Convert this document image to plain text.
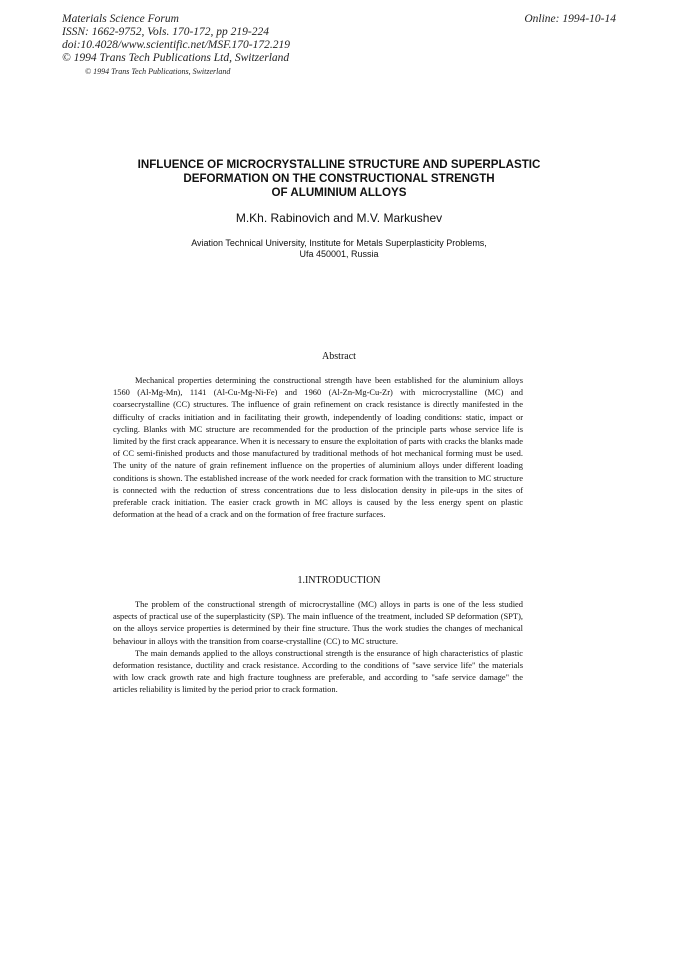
Materials Science Forum
ISSN: 1662-9752, Vols. 170-172, pp 219-224
doi:10.4028/www.scientific.net/MSF.170-172.219
© 1994 Trans Tech Publications Ltd, Switzerland
Online: 1994-10-14
© 1994 Trans Tech Publications, Switzerland
INFLUENCE OF MICROCRYSTALLINE STRUCTURE AND SUPERPLASTIC
DEFORMATION ON THE CONSTRUCTIONAL STRENGTH
OF ALUMINIUM ALLOYS
M.Kh. Rabinovich and M.V. Markushev
Aviation Technical University, Institute for Metals Superplasticity Problems,
Ufa 450001, Russia
Abstract

Mechanical properties determining the constructional strength have been established for the aluminium alloys 1560 (Al-Mg-Mn), 1141 (Al-Cu-Mg-Ni-Fe) and 1960 (Al-Zn-Mg-Cu-Zr) with microcrystalline (MC) and coarsecrystalline (CC) structures. The influence of grain refinement on crack resistance is directly manifested in the difficulty of cracks initiation and in facilitating their growth, independently of loading conditions: static, impact or cycling. Blanks with MC structure are recommended for the production of the principle parts whose service life is limited by the first crack appearance. When it is necessary to ensure the exploitation of parts with cracks the blanks made of CC semi-finished products and those manufactured by traditional methods of hot mechanical forming must be used. The unity of the nature of grain refinement influence on the properties of aluminium alloys under different loading conditions is shown. The established increase of the work needed for crack formation with the transition to MC structure is connected with the reduction of stress concentrations due to less dislocation density in pile-ups in the sites of preferable crack initiation. The easier crack growth in MC alloys is caused by the less energy spent on plastic deformation at the head of a crack and on the formation of free fracture surfaces.

1.INTRODUCTION

The problem of the constructional strength of microcrystalline (MC) alloys in parts is one of the less studied aspects of practical use of the superplasticity (SP). The main influence of the treatment, included SP deformation (SPT), on the alloys service properties is determined by their fine structure. Thus the work studies the changes of mechanical behaviour in alloys with the transition from coarse-crystalline (CC) to MC structure.

The main demands applied to the alloys constructional strength is the ensurance of high characteristics of plastic deformation resistance, ductility and crack resistance. According to the conditions of "save service life" the materials with low crack growth rate and high fracture toughness are preferable, and according to "safe service damage" the articles reliability is limited by the period prior to crack formation.
